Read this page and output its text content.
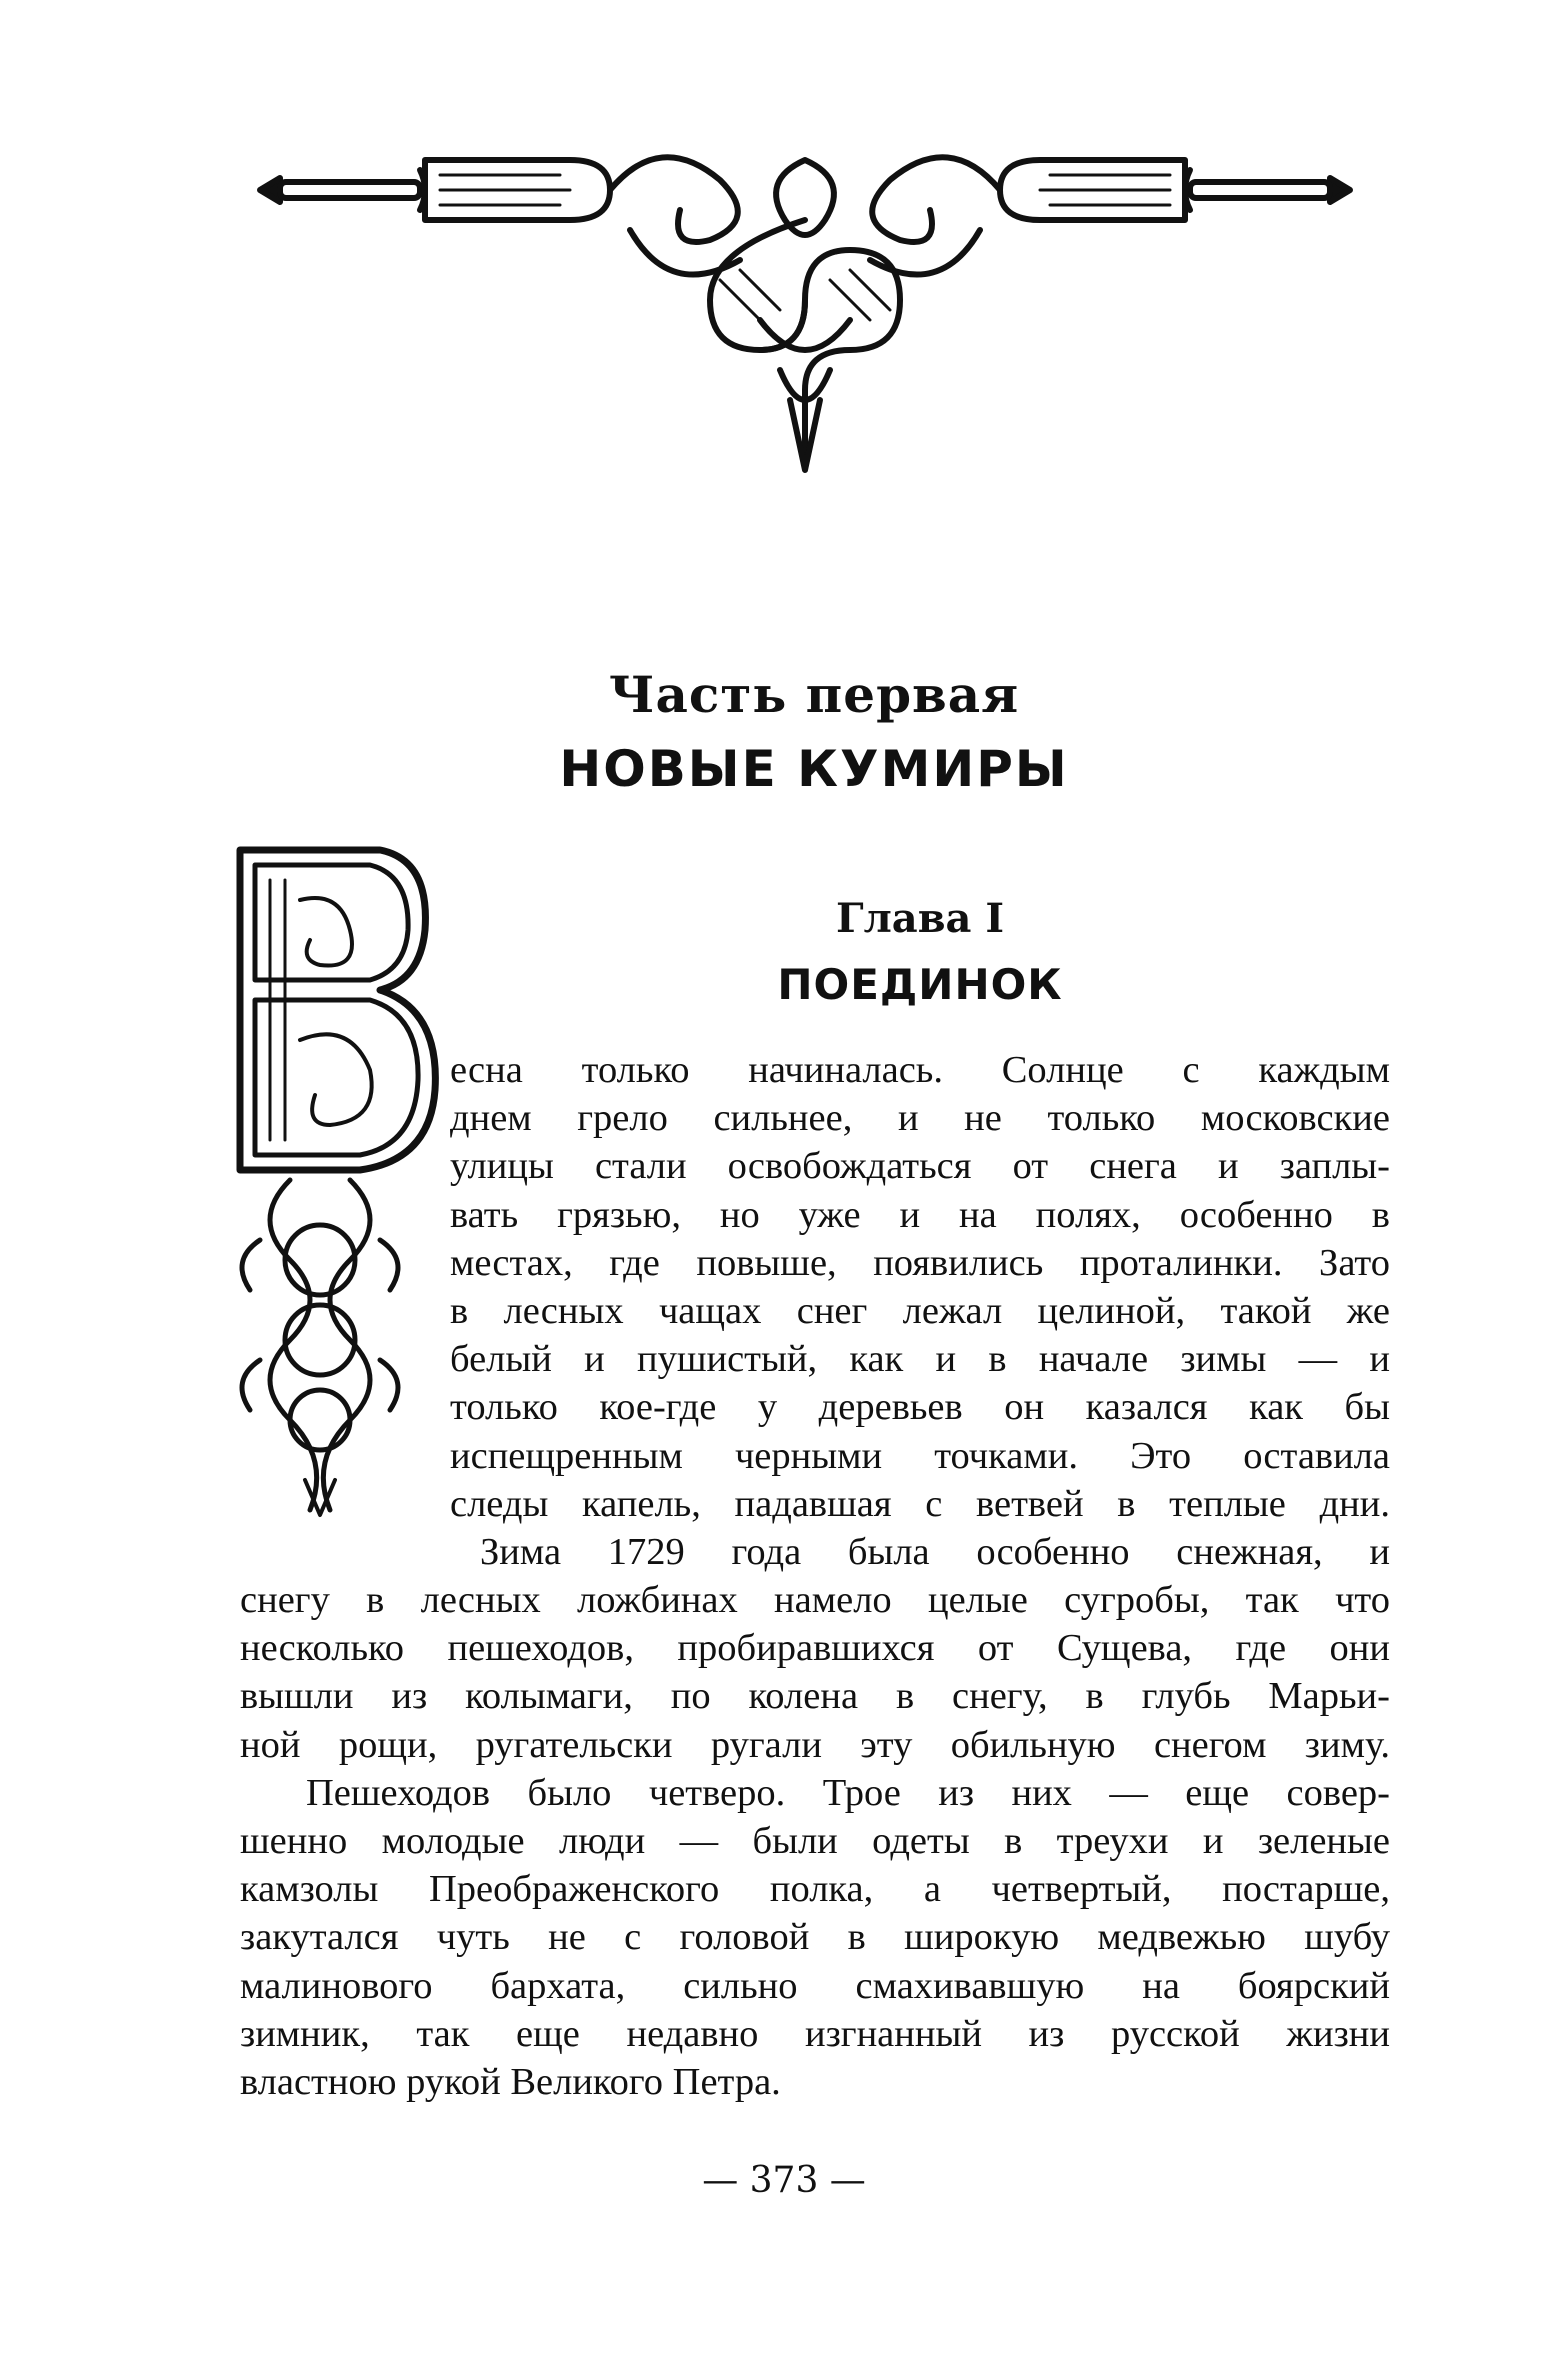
Часть первая
НОВЫЕ КУМИРЫ
Глава I
ПОЕДИНОК
есна только начиналась. Солнце с каждым
днем грело сильнее, и не только московские
улицы стали освобождаться от снега и заплы-
вать грязью, но уже и на полях, особенно в
местах, где повыше, появились проталинки. Зато
в лесных чащах снег лежал целиной, такой же
белый и пушистый, как и в начале зимы — и
только кое-где у деревьев он казался как бы
испещренным черными точками. Это оставила
следы капель, падавшая с ветвей в теплые дни.
Зима 1729 года была особенно снежная, и
снегу в лесных ложбинах намело целые сугробы, так что
несколько пешеходов, пробиравшихся от Сущева, где они
вышли из колымаги, по колена в снегу, в глубь Марьи-
ной рощи, ругательски ругали эту обильную снегом зиму.
Пешеходов было четверо. Трое из них — еще совер-
шенно молодые люди — были одеты в треухи и зеленые
камзолы Преображенского полка, а четвертый, постарше,
закутался чуть не с головой в широкую медвежью шубу
малинового бархата, сильно смахивавшую на боярский
зимник, так еще недавно изгнанный из русской жизни
властною рукой Великого Петра.
— 373 —
